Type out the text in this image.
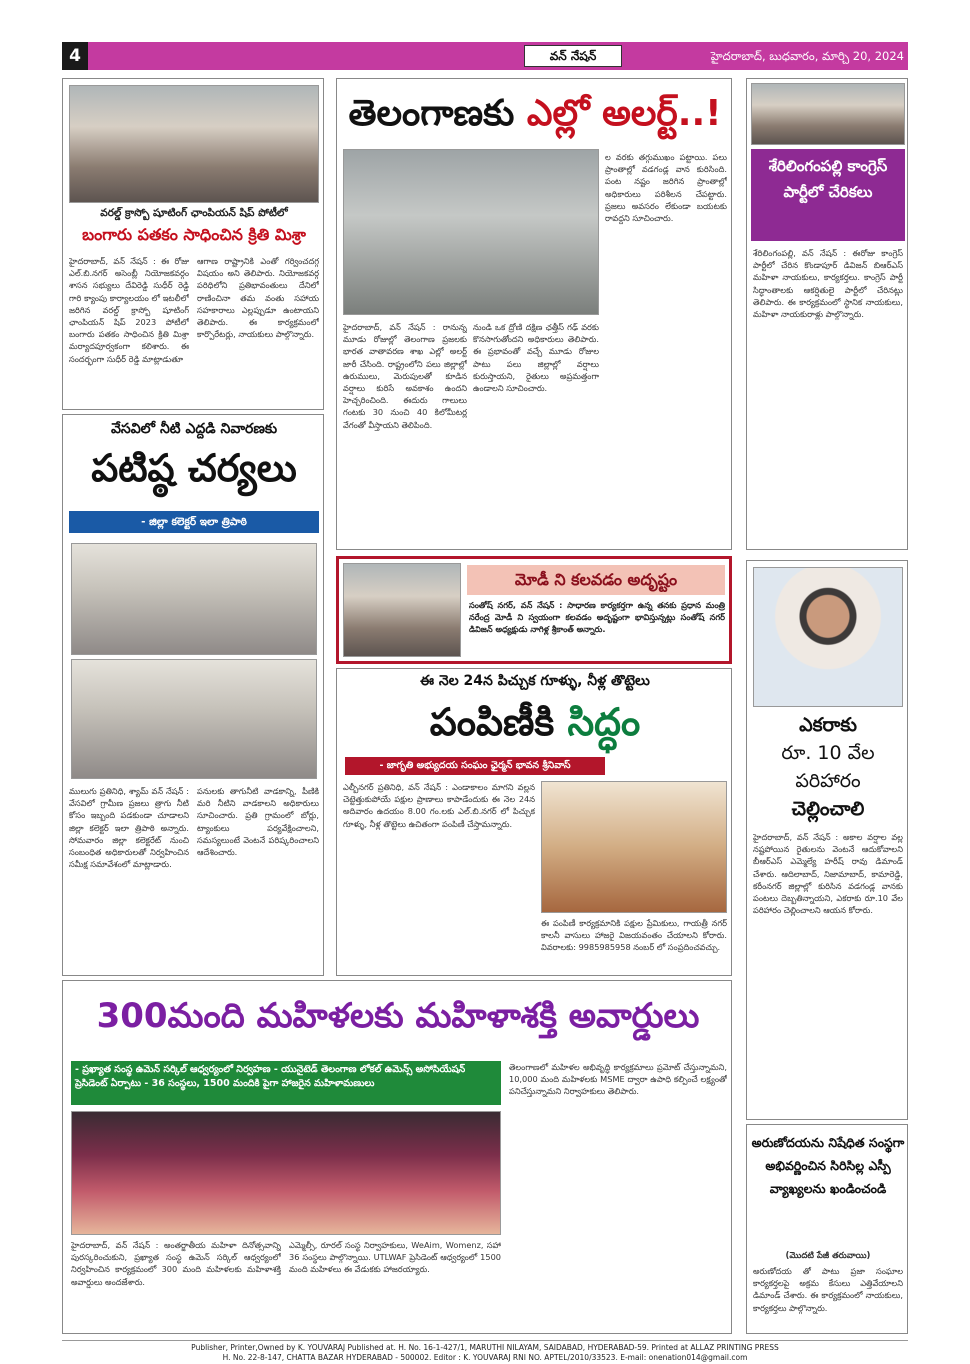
4	వన్ నేషన్	హైదరాబాద్, బుధవారం, మార్చి 20, 2024
వరల్డ్ క్రాస్బో షూటింగ్ ఛాంపియన్ షిప్ పోటీలో
బంగారు పతకం సాధించిన క్రితి మిశ్రా
హైదరాబాద్, వన్ నేషన్ : ఈ రోజు ఎల్.బి.నగర్ అసెంబ్లీ నియోజకవర్గం శాసన సభ్యులు దేవిరెడ్డి సుధీర్ రెడ్డి గారి క్యాంపు కార్యాలయం లో ఇటలీలో జరిగిన వరల్డ్ క్రాస్బో షూటింగ్ ఛాంపియన్ షిప్ 2023 పోటీలో బంగారు పతకం సాధించిన క్రితి మిశ్రా మర్యాదపూర్వకంగా కలిశారు. ఈ సందర్భంగా సుధీర్ రెడ్డి మాట్లాడుతూ
ఆగాణ రాష్ట్రానికి ఎంతో గర్వించదగ్గ విషయం అని తెలిపారు. నియోజకవర్గ పరిధిలోని ప్రతిభావంతులు దేనిలో రాణించినా తమ వంతు సహాయ సహకారాలు ఎల్లప్పుడూ ఉంటాయని తెలిపారు. ఈ కార్యక్రమంలో కార్పొరేటర్లు, నాయకులు పాల్గొన్నారు.
వేసవిలో నీటి ఎద్దడి నివారణకు
పటిష్ఠ చర్యలు
- జిల్లా కలెక్టర్ ఇలా త్రిపాఠి
ములుగు ప్రతినిధి, శ్యామ్ వన్ నేషన్ : వేసవిలో గ్రామీణ ప్రజలు త్రాగు నీటి కోసం ఇబ్బంది పడకుండా చూడాలని జిల్లా కలెక్టర్ ఇలా త్రిపాఠి అన్నారు. సోమవారం జిల్లా కలెక్టరేట్ నుంచి సంబంధిత అధికారులతో నిర్వహించిన సమీక్ష సమావేశంలో మాట్లాడారు.
పనులకు తాగునీటి వాడకాన్ని, పీణికి మరి నీటిని వాడకాలని అధికారులు సూచించారు. ప్రతి గ్రామంలో బోర్లు, ట్యాంకులు పర్యవేక్షించాలని, సమస్యలుంటే వెంటనే పరిష్కరించాలని ఆదేశించారు.
తెలంగాణకు ఎల్లో అలర్ట్..!
హైదరాబాద్, వన్ నేషన్ : రానున్న మూడు రోజుల్లో తెలంగాణ ప్రజలకు భారత వాతావరణ శాఖ ఎల్లో అలర్ట్ జారీ చేసింది. రాష్ట్రంలోని పలు జిల్లాల్లో ఉరుములు, మెరుపులతో కూడిన వర్షాలు కురిసే అవకాశం ఉందని హెచ్చరించింది. ఈదురు గాలులు గంటకు 30 నుంచి 40 కిలోమీటర్ల వేగంతో వీస్తాయని తెలిపింది.
నుండి ఒక ద్రోణి దక్షిణ ఛత్తీస్ గఢ్ వరకు కొనసాగుతోందని అధికారులు తెలిపారు. ఈ ప్రభావంతో వచ్చే మూడు రోజుల పాటు పలు జిల్లాల్లో వర్షాలు కురుస్తాయని, రైతులు అప్రమత్తంగా ఉండాలని సూచించారు.
ల వరకు తగ్గుముఖం పట్టాయి. పలు ప్రాంతాల్లో వడగండ్ల వాన కురిసింది. పంట నష్టం జరిగిన ప్రాంతాల్లో అధికారులు పరిశీలన చేపట్టారు. ప్రజలు అవసరం లేకుండా బయటకు రావద్దని సూచించారు.
శేరిలింగంపల్లి కాంగ్రెస్ పార్టీలో చేరికలు
శేరిలింగంపల్లి, వన్ నేషన్ : ఈరోజు కాంగ్రెస్ పార్టీలో చేరిన కొండాపూర్ డివిజన్ బిఆర్ఎస్ మహిళా నాయకులు, కార్యకర్తలు. కాంగ్రెస్ పార్టీ సిద్ధాంతాలకు ఆకర్షితులై పార్టీలో చేరినట్లు తెలిపారు. ఈ కార్యక్రమంలో స్థానిక నాయకులు, మహిళా నాయకురాళ్లు పాల్గొన్నారు.
మోడీ ని కలవడం అదృష్టం
సంతోష్ నగర్, వన్ నేషన్ : సాధారణ కార్యకర్తగా ఉన్న తనకు ప్రధాన మంత్రి నరేంద్ర మోడీ ని స్వయంగా కలవడం అదృష్టంగా భావిస్తున్నట్లు సంతోష్ నగర్ డివిజన్ అధ్యక్షుడు నాగిళ్ల శ్రీకాంత్ అన్నారు.
ఎకరాకు
రూ. 10 వేల
పరిహారం
చెల్లించాలి
హైదరాబాద్, వన్ నేషన్ : అకాల వర్షాల వల్ల నష్టపోయిన రైతులను వెంటనే ఆదుకోవాలని బీఆర్ఎస్ ఎమ్మెల్యే హరీష్ రావు డిమాండ్ చేశారు. ఆదిలాబాద్, నిజామాబాద్, కామారెడ్డి, కరీంనగర్ జిల్లాల్లో కురిసిన వడగండ్ల వానకు పంటలు దెబ్బతిన్నాయని, ఎకరాకు రూ.10 వేల పరిహారం చెల్లించాలని ఆయన కోరారు.
ఈ నెల 24న పిచ్చుక గూళ్ళు, నీళ్ల తొట్టెలు
పంపిణీకి సిద్ధం
- జాగృతి అభ్యుదయ సంఘం ఛైర్మన్ భావన శ్రీనివాస్
ఎల్బీనగర్ ప్రతినిధి, వన్ నేషన్ : ఎండాకాలం మాగని వల్లన చెట్టెత్తుకుపోయే పక్షుల ప్రాణాలు కాపాడేందుకు ఈ నెల 24న అదివారం ఉదయం 8.00 గం.లకు ఎల్.బి.నగర్ లో పిచ్చుక గూళ్ళు, నీళ్ల తొట్టెలు ఉచితంగా పంపిణీ చేస్తామన్నారు.
ఈ పంపిణీ కార్యక్రమానికి పక్షుల ప్రేమికులు, గాయత్రీ నగర్ కాలనీ వాసులు హాజరై విజయవంతం చేయాలని కోరారు. వివరాలకు: 9985985958 నంబర్ లో సంప్రదించవచ్చు.
300మంది మహిళలకు మహిళాశక్తి అవార్డులు
- ప్రఖ్యాత సంస్థ ఉమెన్ సర్కిల్ ఆధ్వర్యంలో నిర్వహణ - యునైటెడ్ తెలంగాణ లోకల్ ఉమెన్స్ అసోసియేషన్ ప్రెసిడెంట్ ఏర్పాటు - 36 సంస్థలు, 1500 మందికి పైగా హాజరైన మహిళామణులు
హైదరాబాద్, వన్ నేషన్ : అంతర్జాతీయ మహిళా దినోత్సవాన్ని పురస్కరించుకుని, ప్రఖ్యాత సంస్థ ఉమెన్ సర్కిల్ ఆధ్వర్యంలో నిర్వహించిన కార్యక్రమంలో 300 మంది మహిళలకు మహిళాశక్తి అవార్డులు అందజేశారు.
ఎమ్మెల్సీ, రూరల్ సంస్థ నిర్వాహకులు, WeAim, Womenz, సహా 36 సంస్థలు పాల్గొన్నాయి. UTLWAF ప్రెసిడెంట్ ఆధ్వర్యంలో 1500 మంది మహిళలు ఈ వేడుకకు హాజరయ్యారు.
తెలంగాణలో మహిళల అభివృద్ధి కార్యక్రమాలు ప్రమోట్ చేస్తున్నామని, 10,000 మంది మహిళలకు MSME ద్వారా ఉపాధి కల్పించే లక్ష్యంతో పనిచేస్తున్నామని నిర్వాహకులు తెలిపారు.
అరుణోదయను నిషేధిత సంస్థగా అభివర్ణించిన సిరిసిల్ల ఎస్పీ వ్యాఖ్యలను ఖండించండి
(మొదటి పేజీ తరువాయి)
అరుణోదయ తో పాటు ప్రజా సంఘాల కార్యకర్తలపై అక్రమ కేసులు ఎత్తివేయాలని డిమాండ్ చేశారు. ఈ కార్యక్రమంలో నాయకులు, కార్యకర్తలు పాల్గొన్నారు.
Publisher, Printer,Owned by K. YOUVARAJ Published at. H. No. 16-1-427/1, MARUTHI NILAYAM, SAIDABAD, HYDERABAD-59. Printed at ALLAZ PRINTING PRESS
H. No. 22-8-147, CHATTA BAZAR HYDERABAD - 500002. Editor : K. YOUVARAJ RNI NO. APTEL/2010/33523. E-mail: onenation014@gmail.com
